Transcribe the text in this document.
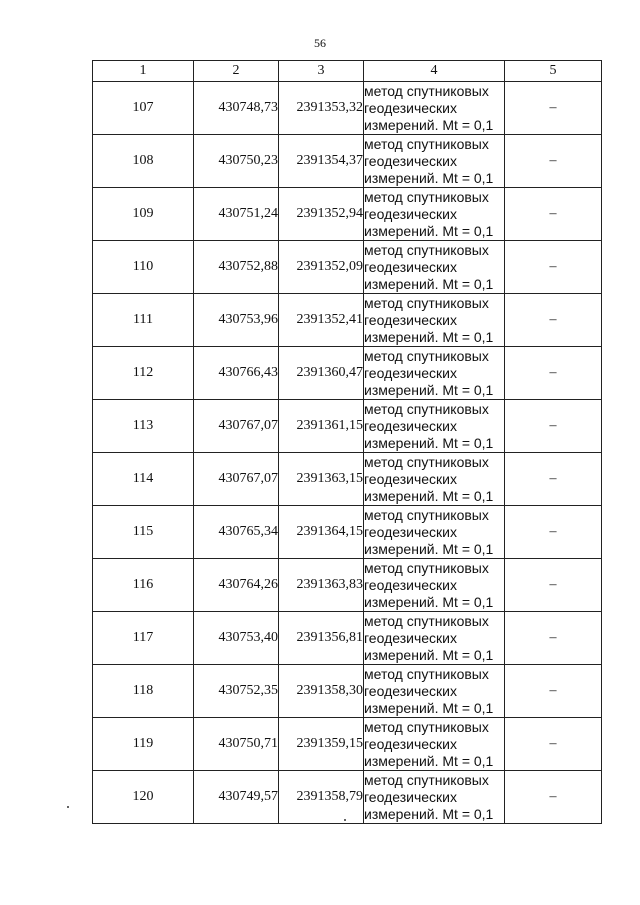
56
1	2	3	4	5
107	430748,73	2391353,32	метод спутниковых
геодезических
измерений. Mt = 0,1	–
108	430750,23	2391354,37	метод спутниковых
геодезических
измерений. Mt = 0,1	–
109	430751,24	2391352,94	метод спутниковых
геодезических
измерений. Mt = 0,1	–
110	430752,88	2391352,09	метод спутниковых
геодезических
измерений. Mt = 0,1	–
111	430753,96	2391352,41	метод спутниковых
геодезических
измерений. Mt = 0,1	–
112	430766,43	2391360,47	метод спутниковых
геодезических
измерений. Mt = 0,1	–
113	430767,07	2391361,15	метод спутниковых
геодезических
измерений. Mt = 0,1	–
114	430767,07	2391363,15	метод спутниковых
геодезических
измерений. Mt = 0,1	–
115	430765,34	2391364,15	метод спутниковых
геодезических
измерений. Mt = 0,1	–
116	430764,26	2391363,83	метод спутниковых
геодезических
измерений. Mt = 0,1	–
117	430753,40	2391356,81	метод спутниковых
геодезических
измерений. Mt = 0,1	–
118	430752,35	2391358,30	метод спутниковых
геодезических
измерений. Mt = 0,1	–
119	430750,71	2391359,15	метод спутниковых
геодезических
измерений. Mt = 0,1	–
120	430749,57	2391358,79	метод спутниковых
геодезических
измерений. Mt = 0,1	–
